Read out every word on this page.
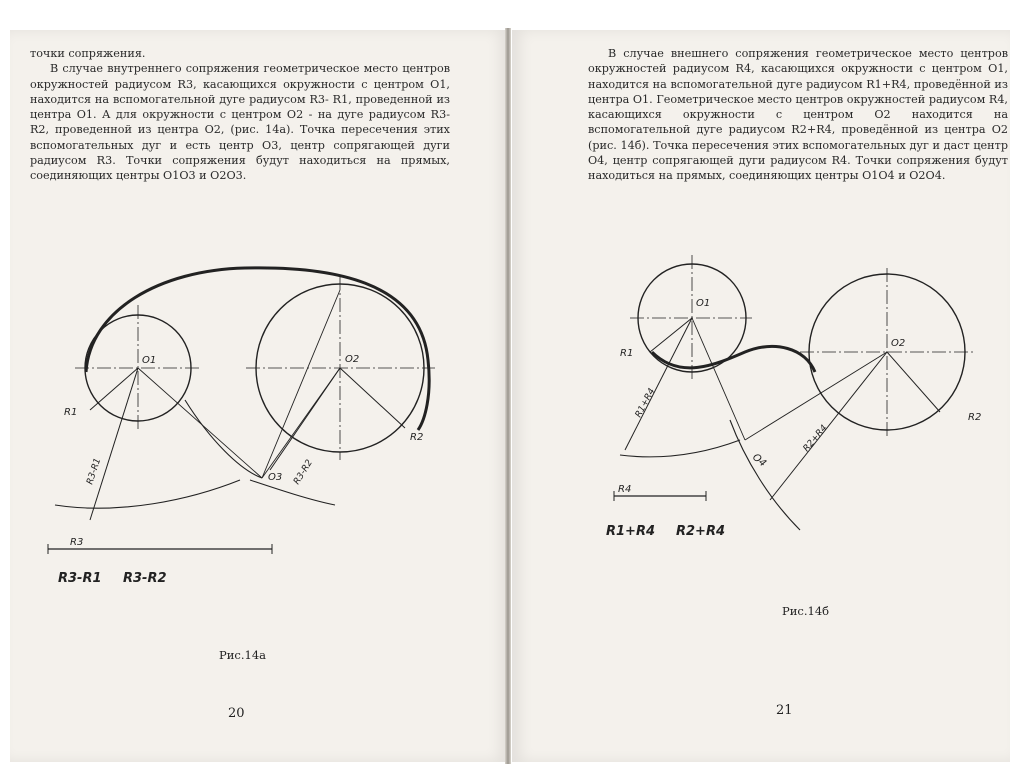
точки сопряжения.

В случае внутреннего сопряжения геометрическое место центров окружностей радиусом R3, касающихся окружности с центром O1, находится на вспомогательной дуге радиусом R3- R1, проведенной из центра O1. А для окружности с центром O2 - на дуге радиусом R3- R2, проведенной из центра O2, (рис. 14а). Точка пересечения этих вспомогательных дуг и есть центр O3, центр сопрягающей дуги радиусом R3. Точки сопряжения будут находиться на прямых, соединяющих центры O1O3 и O2O3.

В случае внешнего сопряжения геометрическое место центров окружностей радиусом R4, касающихся окружности с центром O1, находится на вспомогательной дуге радиусом R1+R4, проведённой из центра O1. Геометрическое место центров окружностей радиусом R4, касающихся окружности с центром O2 находится на вспомогательной дуге радиусом R2+R4, проведённой из центра O2 (рис. 14б). Точка пересечения этих вспомогательных дуг и даст центр O4, центр сопрягающей дуги радиусом R4. Точки сопряжения будут находиться на прямых, соединяющих центры O1O4 и O2O4.

O1	O2
O3
R1
R2
R3
R3-R1	R3-R2
R3-R1 R3-R2
O1
O2
O4
R1
R2
R4
R1+R4
R2+R4
R1+R4 R2+R4
Рис.14а
20
Рис.14б
21
